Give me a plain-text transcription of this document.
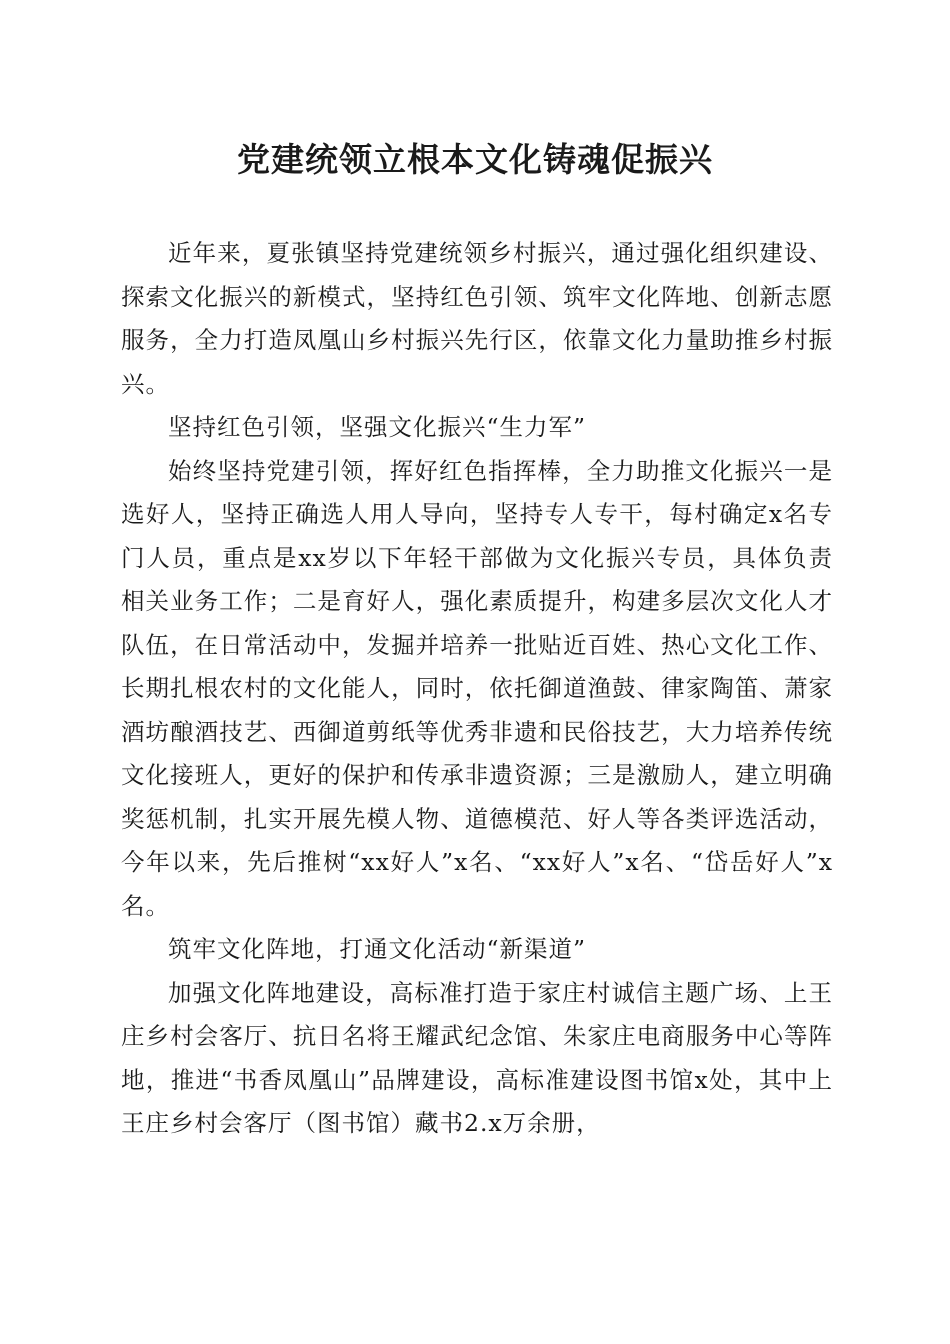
党建统领立根本文化铸魂促振兴

近年来，夏张镇坚持党建统领乡村振兴，通过强化组织建设、探索文化振兴的新模式，坚持红色引领、筑牢文化阵地、创新志愿服务，全力打造凤凰山乡村振兴先行区，依靠文化力量助推乡村振兴。

坚持红色引领，坚强文化振兴“生力军”

始终坚持党建引领，挥好红色指挥棒，全力助推文化振兴一是选好人，坚持正确选人用人导向，坚持专人专干，每村确定x名专门人员，重点是xx岁以下年轻干部做为文化振兴专员，具体负责相关业务工作；二是育好人，强化素质提升，构建多层次文化人才队伍，在日常活动中，发掘并培养一批贴近百姓、热心文化工作、长期扎根农村的文化能人，同时，依托御道渔鼓、律家陶笛、萧家酒坊酿酒技艺、西御道剪纸等优秀非遗和民俗技艺，大力培养传统文化接班人，更好的保护和传承非遗资源；三是激励人，建立明确奖惩机制，扎实开展先模人物、道德模范、好人等各类评选活动，今年以来，先后推树“xx好人”x名、“xx好人”x名、“岱岳好人”x名。

筑牢文化阵地，打通文化活动“新渠道”

加强文化阵地建设，高标准打造于家庄村诚信主题广场、上王庄乡村会客厅、抗日名将王耀武纪念馆、朱家庄电商服务中心等阵地，推进“书香凤凰山”品牌建设，高标准建设图书馆x处，其中上王庄乡村会客厅（图书馆）藏书2.x万余册，
